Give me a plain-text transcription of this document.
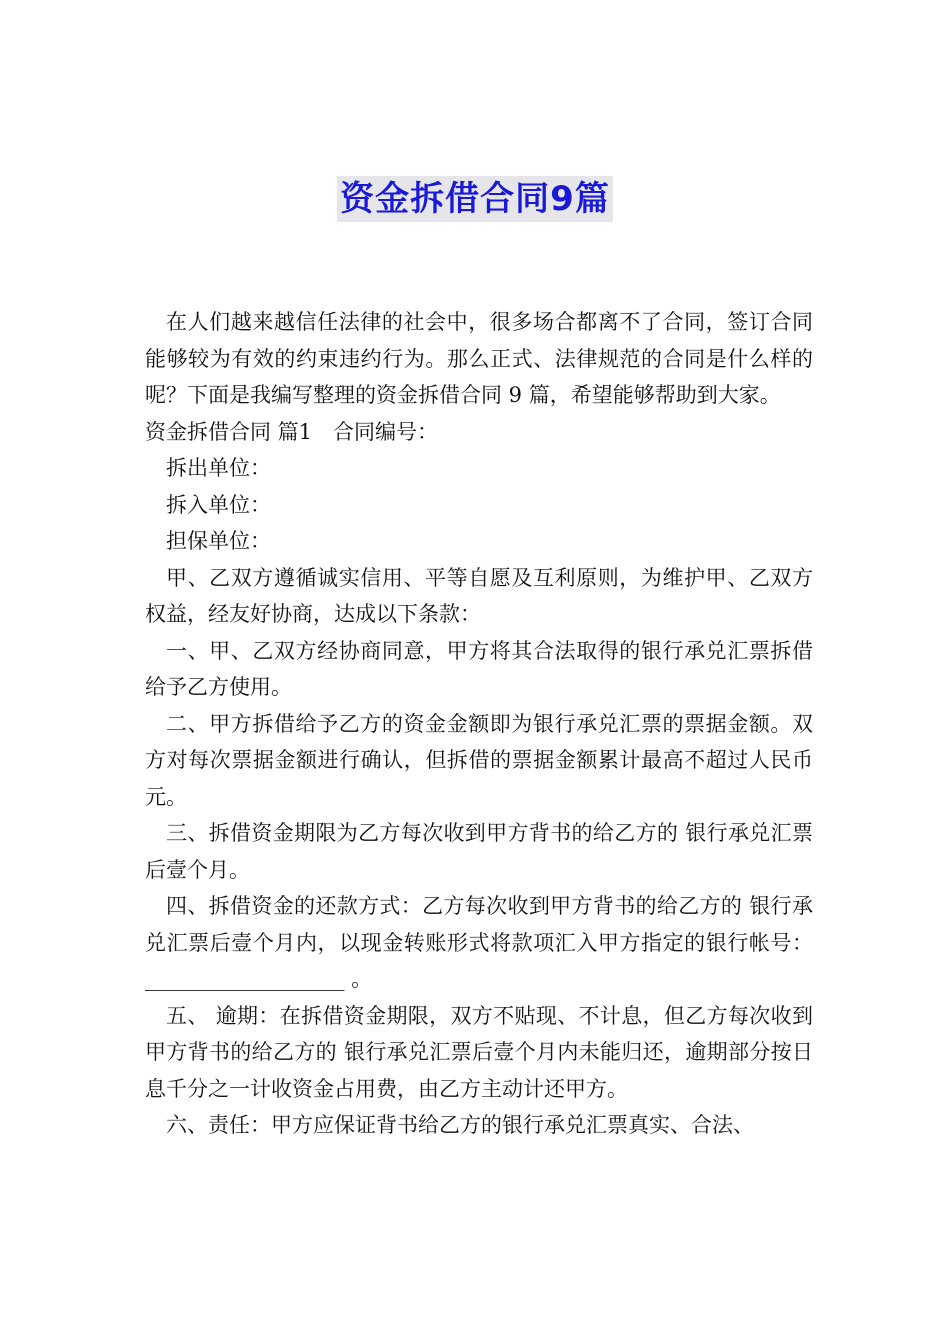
资金拆借合同9篇

在人们越来越信任法律的社会中，很多场合都离不了合同，签订合同能够较为有效的约束违约行为。那么正式、法律规范的合同是什么样的呢？下面是我编写整理的资金拆借合同 9 篇，希望能够帮助到大家。

资金拆借合同 篇1　合同编号：

拆出单位：

拆入单位：

担保单位：

甲、乙双方遵循诚实信用、平等自愿及互利原则，为维护甲、乙双方权益，经友好协商，达成以下条款：

一、甲、乙双方经协商同意，甲方将其合法取得的银行承兑汇票拆借给予乙方使用。

二、甲方拆借给予乙方的资金金额即为银行承兑汇票的票据金额。双方对每次票据金额进行确认，但拆借的票据金额累计最高不超过人民币 元。

三、拆借资金期限为乙方每次收到甲方背书的给乙方的 银行承兑汇票后壹个月。

四、拆借资金的还款方式：乙方每次收到甲方背书的给乙方的 银行承兑汇票后壹个月内，以现金转账形式将款项汇入甲方指定的银行帐号：___________________ 。

五、 逾期：在拆借资金期限，双方不贴现、不计息，但乙方每次收到甲方背书的给乙方的 银行承兑汇票后壹个月内未能归还，逾期部分按日息千分之一计收资金占用费，由乙方主动计还甲方。

六、责任：甲方应保证背书给乙方的银行承兑汇票真实、合法、
